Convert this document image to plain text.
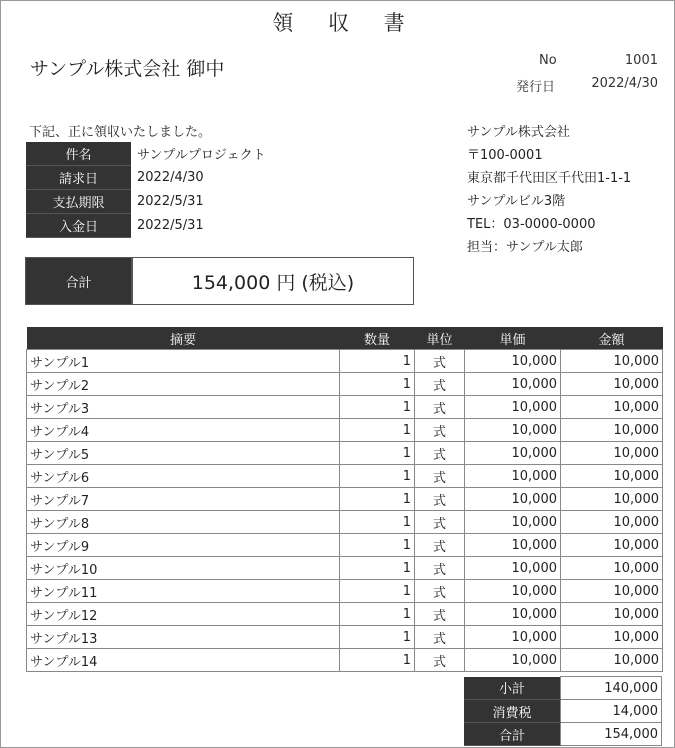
領 収 書
サンプル株式会社 御中	No	1001
発行日	2022/4/30
下記、正に領収いたしました。
件名	サンプルプロジェクト
請求日	2022/4/30
支払期限	2022/5/31
入金日	2022/5/31
サンプル株式会社
〒100-0001
東京都千代田区千代田1-1-1
サンプルビル3階
TEL：03-0000-0000
担当：サンプル太郎
合計	154,000 円 (税込)
摘要	数量	単位	単価	金額
サンプル1	1	式	10,000	10,000
サンプル2	1	式	10,000	10,000
サンプル3	1	式	10,000	10,000
サンプル4	1	式	10,000	10,000
サンプル5	1	式	10,000	10,000
サンプル6	1	式	10,000	10,000
サンプル7	1	式	10,000	10,000
サンプル8	1	式	10,000	10,000
サンプル9	1	式	10,000	10,000
サンプル10	1	式	10,000	10,000
サンプル11	1	式	10,000	10,000
サンプル12	1	式	10,000	10,000
サンプル13	1	式	10,000	10,000
サンプル14	1	式	10,000	10,000
小計	140,000
消費税	14,000
合計	154,000
